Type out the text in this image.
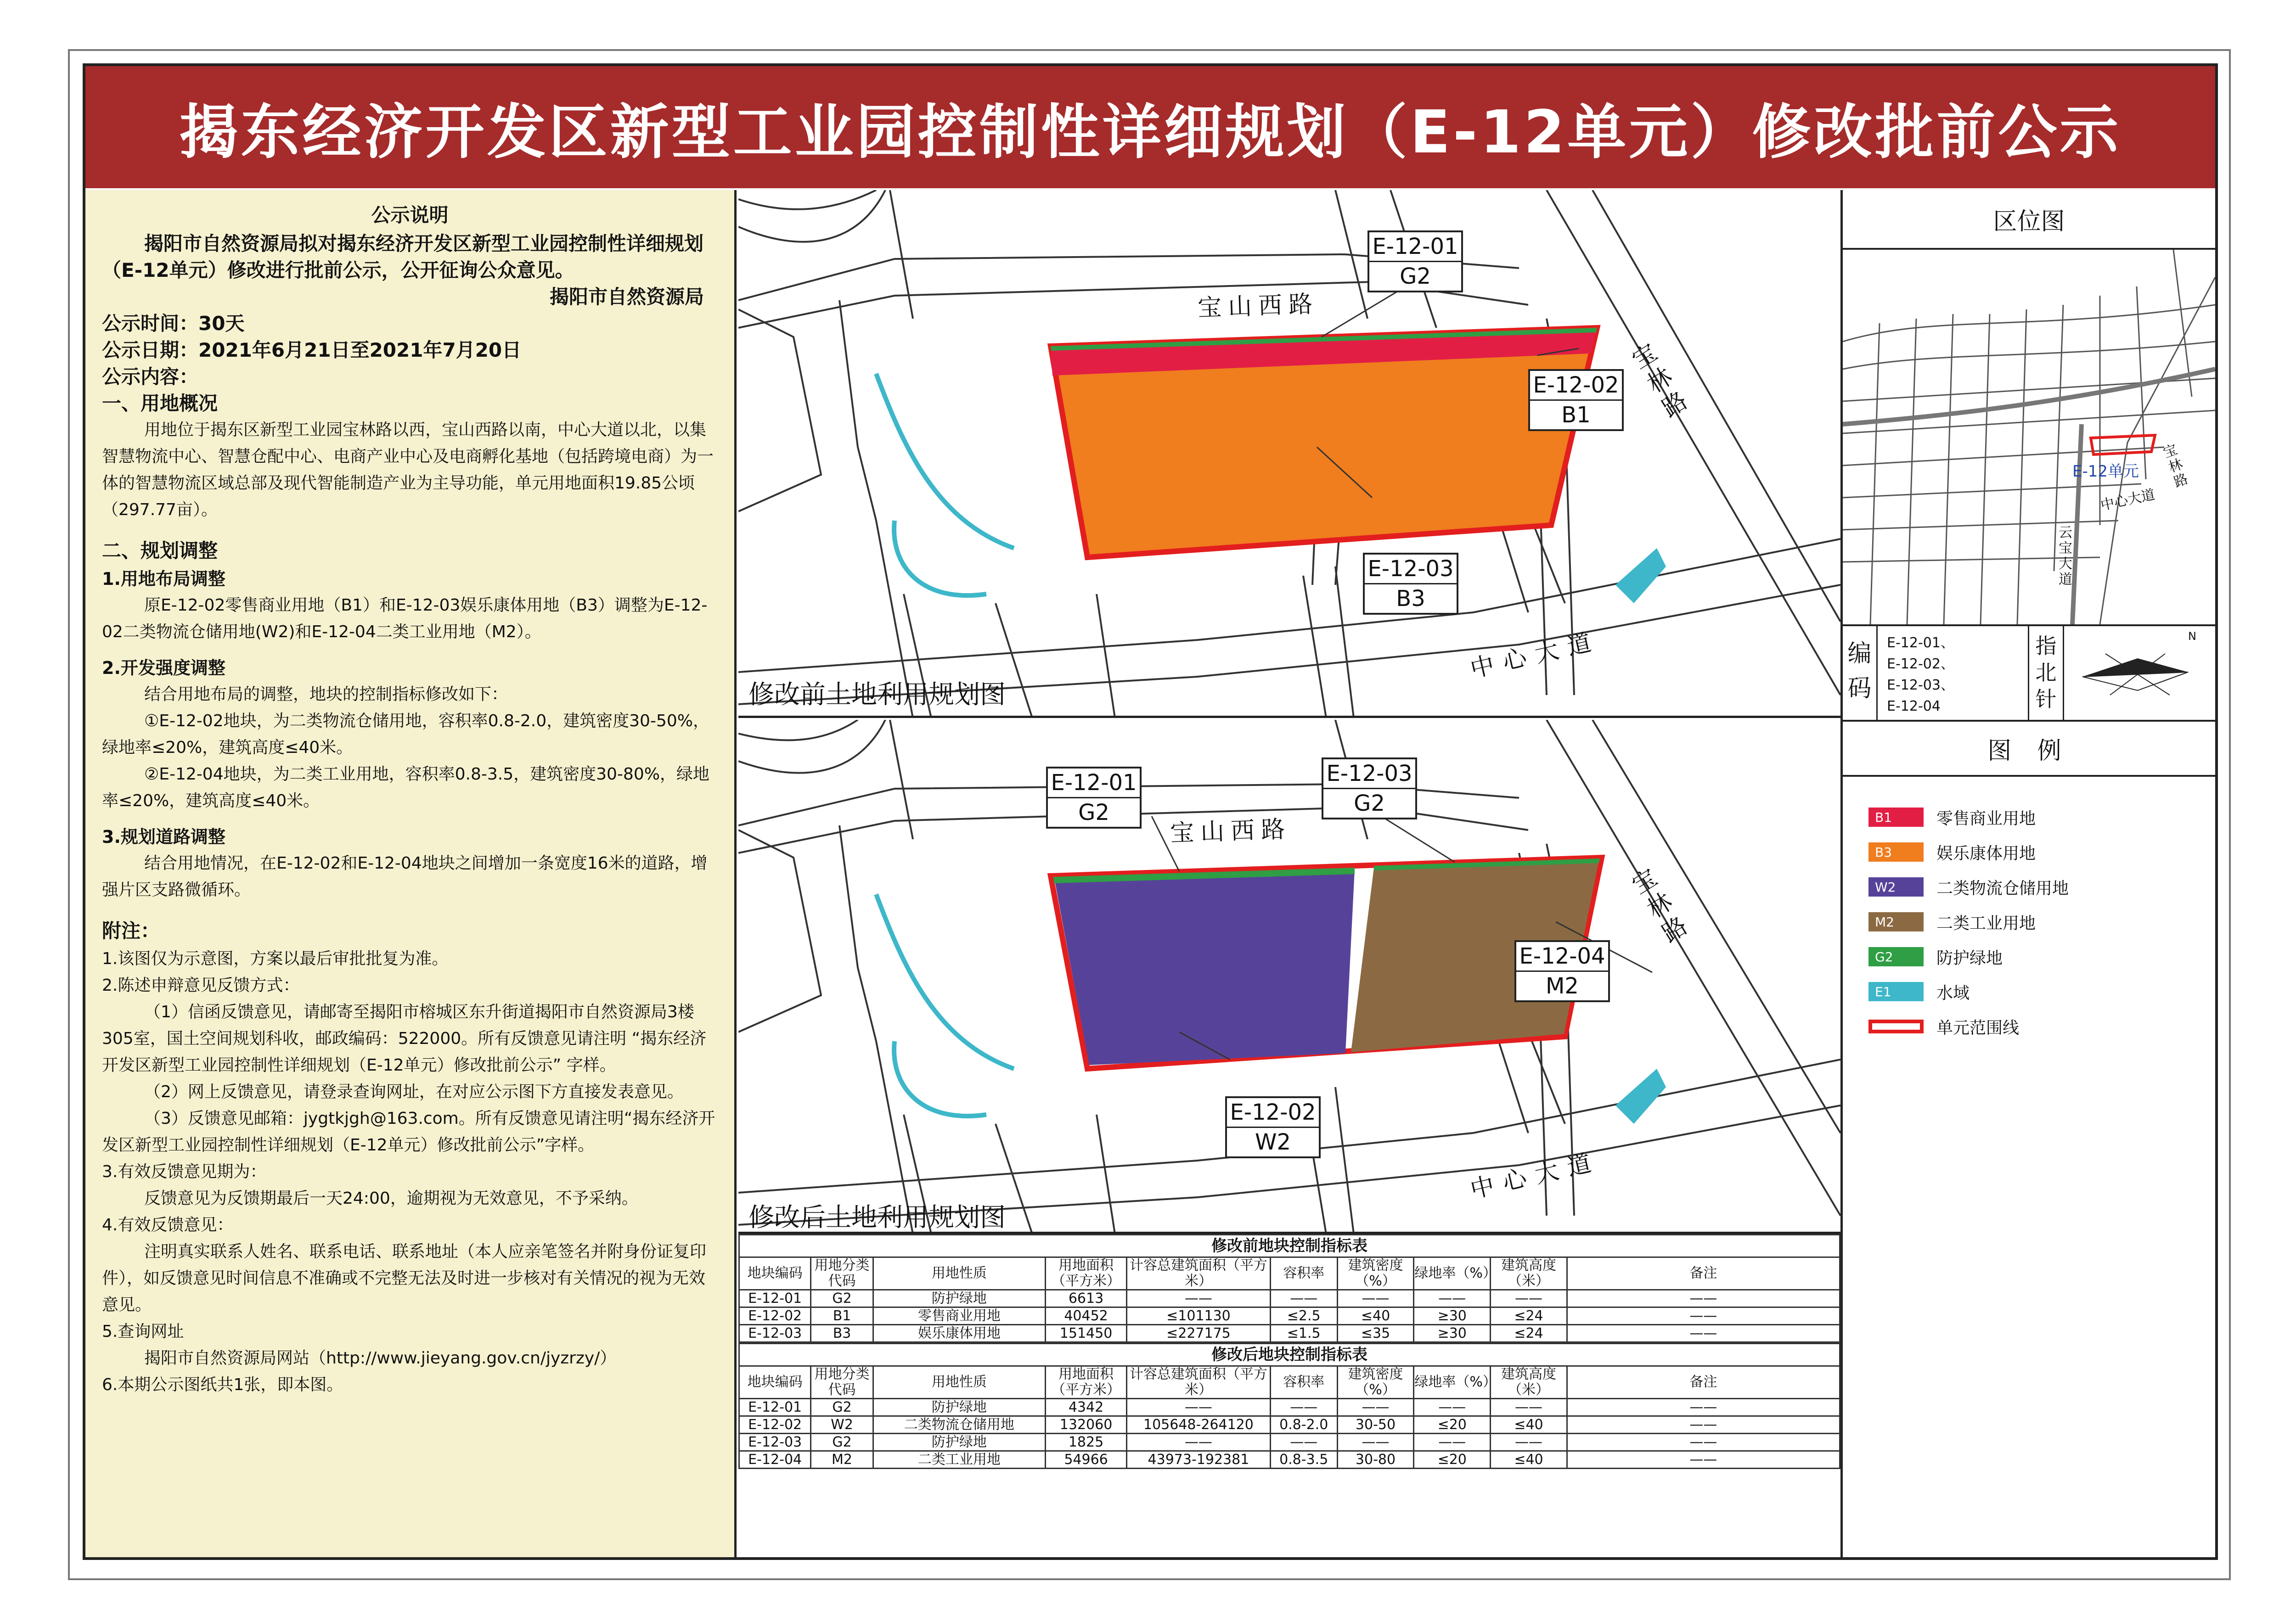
揭东经济开发区新型工业园控制性详细规划（E-12单元）修改批前公示
公示说明
揭阳市自然资源局拟对揭东经济开发区新型工业园控制性详细规划（E-12单元）修改进行批前公示，公开征询公众意见。
揭阳市自然资源局
公示时间：30天
公示日期：2021年6月21日至2021年7月20日
公示内容：
一、用地概况
用地位于揭东区新型工业园宝林路以西，宝山西路以南，中心大道以北，以集智慧物流中心、智慧仓配中心、电商产业中心及电商孵化基地（包括跨境电商）为一体的智慧物流区域总部及现代智能制造产业为主导功能，单元用地面积19.85公顷（297.77亩）。
二、规划调整
1.用地布局调整
原E-12-02零售商业用地（B1）和E-12-03娱乐康体用地（B3）调整为E-12-02二类物流仓储用地(W2)和E-12-04二类工业用地（M2）。
2.开发强度调整
结合用地布局的调整，地块的控制指标修改如下：
①E-12-02地块，为二类物流仓储用地，容积率0.8-2.0，建筑密度30-50%，绿地率≤20%，建筑高度≤40米。
②E-12-04地块，为二类工业用地，容积率0.8-3.5，建筑密度30-80%，绿地率≤20%，建筑高度≤40米。
3.规划道路调整
结合用地情况，在E-12-02和E-12-04地块之间增加一条宽度16米的道路，增强片区支路微循环。
附注：
1.该图仅为示意图，方案以最后审批批复为准。
2.陈述申辩意见反馈方式：
（1）信函反馈意见，请邮寄至揭阳市榕城区东升街道揭阳市自然资源局3楼305室，国土空间规划科收，邮政编码：522000。所有反馈意见请注明 “揭东经济开发区新型工业园控制性详细规划（E-12单元）修改批前公示” 字样。
（2）网上反馈意见，请登录查询网址，在对应公示图下方直接发表意见。
（3）反馈意见邮箱：jygtkjgh@163.com。所有反馈意见请注明“揭东经济开发区新型工业园控制性详细规划（E-12单元）修改批前公示”字样。
3.有效反馈意见期为：
反馈意见为反馈期最后一天24:00，逾期视为无效意见，不予采纳。
4.有效反馈意见：
注明真实联系人姓名、联系电话、联系地址（本人应亲笔签名并附身份证复印件），如反馈意见时间信息不准确或不完整无法及时进一步核对有关情况的视为无效意见。
5.查询网址
揭阳市自然资源局网站（http://www.jieyang.gov.cn/jyzrzy/）
6.本期公示图纸共1张，即本图。
宝山西路
宝林路
中心大道
E-12-01
G2
E-12-02
B1
E-12-03
B3
修改前土地利用规划图
宝山西路
宝林路
中心大道
E-12-01
G2
E-12-03
G2
E-12-04
M2
E-12-02
W2
修改后土地利用规划图
修改前地块控制指标表
地块编码	用地分类代码	用地性质	用地面积（平方米）	计容总建筑面积（平方米）	容积率	建筑密度（%）	绿地率（%）	建筑高度（米）	备注
E-12-01	G2	防护绿地	6613	——	——	——	——	——	——
E-12-02	B1	零售商业用地	40452	≤101130	≤2.5	≤40	≥30	≤24	——
E-12-03	B3	娱乐康体用地	151450	≤227175	≤1.5	≤35	≥30	≤24	——
修改后地块控制指标表
地块编码	用地分类代码	用地性质	用地面积（平方米）	计容总建筑面积（平方米）	容积率	建筑密度（%）	绿地率（%）	建筑高度（米）	备注
E-12-01	G2	防护绿地	4342	——	——	——	——	——	——
E-12-02	W2	二类物流仓储用地	132060	105648-264120	0.8-2.0	30-50	≤20	≤40	——
E-12-03	G2	防护绿地	1825	——	——	——	——	——	——
E-12-04	M2	二类工业用地	54966	43973-192381	0.8-3.5	30-80	≤20	≤40	——
区位图
E-12单元
宝林路
中心大道
云宝大道
编码
E-12-01、
E-12-02、
E-12-03、
E-12-04
指北针
N
图 例
B1	零售商业用地
B3	娱乐康体用地
W2	二类物流仓储用地
M2	二类工业用地
G2	防护绿地
E1	水域
单元范围线
